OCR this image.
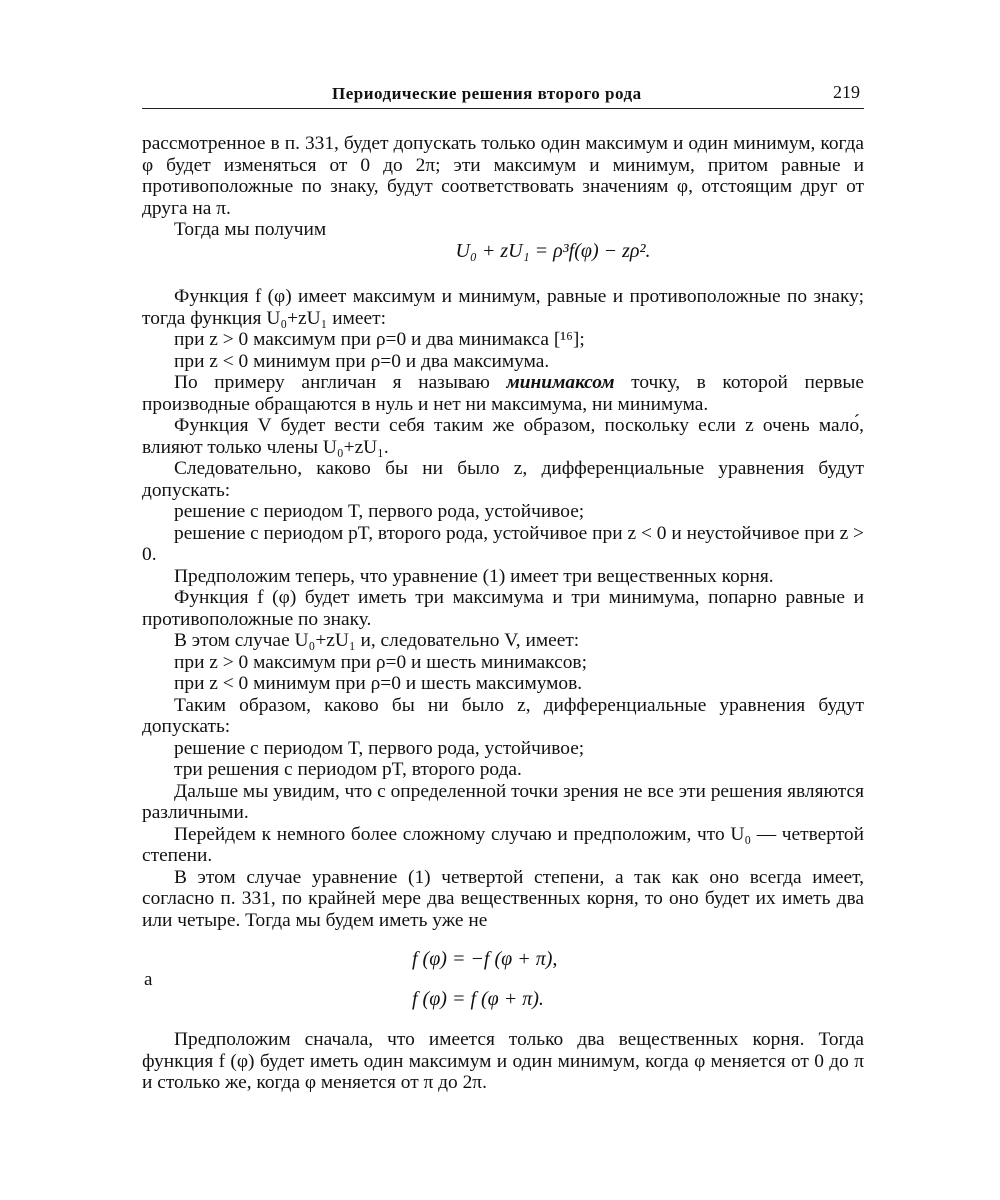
Периодические решения второго рода	219

рассмотренное в п. 331, будет допускать только один максимум и один минимум, когда φ будет изменяться от 0 до 2π; эти максимум и минимум, притом равные и противоположные по знаку, будут соответствовать значениям φ, отстоящим друг от друга на π.

Тогда мы получим

U₀ + zU₁ = ρ³f(φ) − zρ².

Функция f (φ) имеет максимум и минимум, равные и противоположные по знаку; тогда функция U₀+zU₁ имеет:

при z > 0 максимум при ρ=0 и два минимакса [¹⁶];

при z < 0 минимум при ρ=0 и два максимума.

По примеру англичан я называю минимаксом точку, в которой первые производные обращаются в нуль и нет ни максимума, ни минимума.

Функция V будет вести себя таким же образом, поскольку если z очень мало́, влияют только члены U₀+zU₁.

Следовательно, каково бы ни было z, дифференциальные уравнения будут допускать:

решение с периодом T, первого рода, устойчивое;

решение с периодом pT, второго рода, устойчивое при z < 0 и неустойчивое при z > 0.

Предположим теперь, что уравнение (1) имеет три вещественных корня.

Функция f (φ) будет иметь три максимума и три минимума, попарно равные и противоположные по знаку.

В этом случае U₀+zU₁ и, следовательно V, имеет:

при z > 0 максимум при ρ=0 и шесть минимаксов;

при z < 0 минимум при ρ=0 и шесть максимумов.

Таким образом, каково бы ни было z, дифференциальные уравнения будут допускать:

решение с периодом T, первого рода, устойчивое;

три решения с периодом pT, второго рода.

Дальше мы увидим, что с определенной точки зрения не все эти решения являются различными.

Перейдем к немного более сложному случаю и предположим, что U₀ — четвертой степени.

В этом случае уравнение (1) четвертой степени, а так как оно всегда имеет, согласно п. 331, по крайней мере два вещественных корня, то оно будет их иметь два или четыре. Тогда мы будем иметь уже не

f (φ) = −f (φ + π),
а
f (φ) = f (φ + π).

Предположим сначала, что имеется только два вещественных корня. Тогда функция f (φ) будет иметь один максимум и один минимум, когда φ меняется от 0 до π и столько же, когда φ меняется от π до 2π.
